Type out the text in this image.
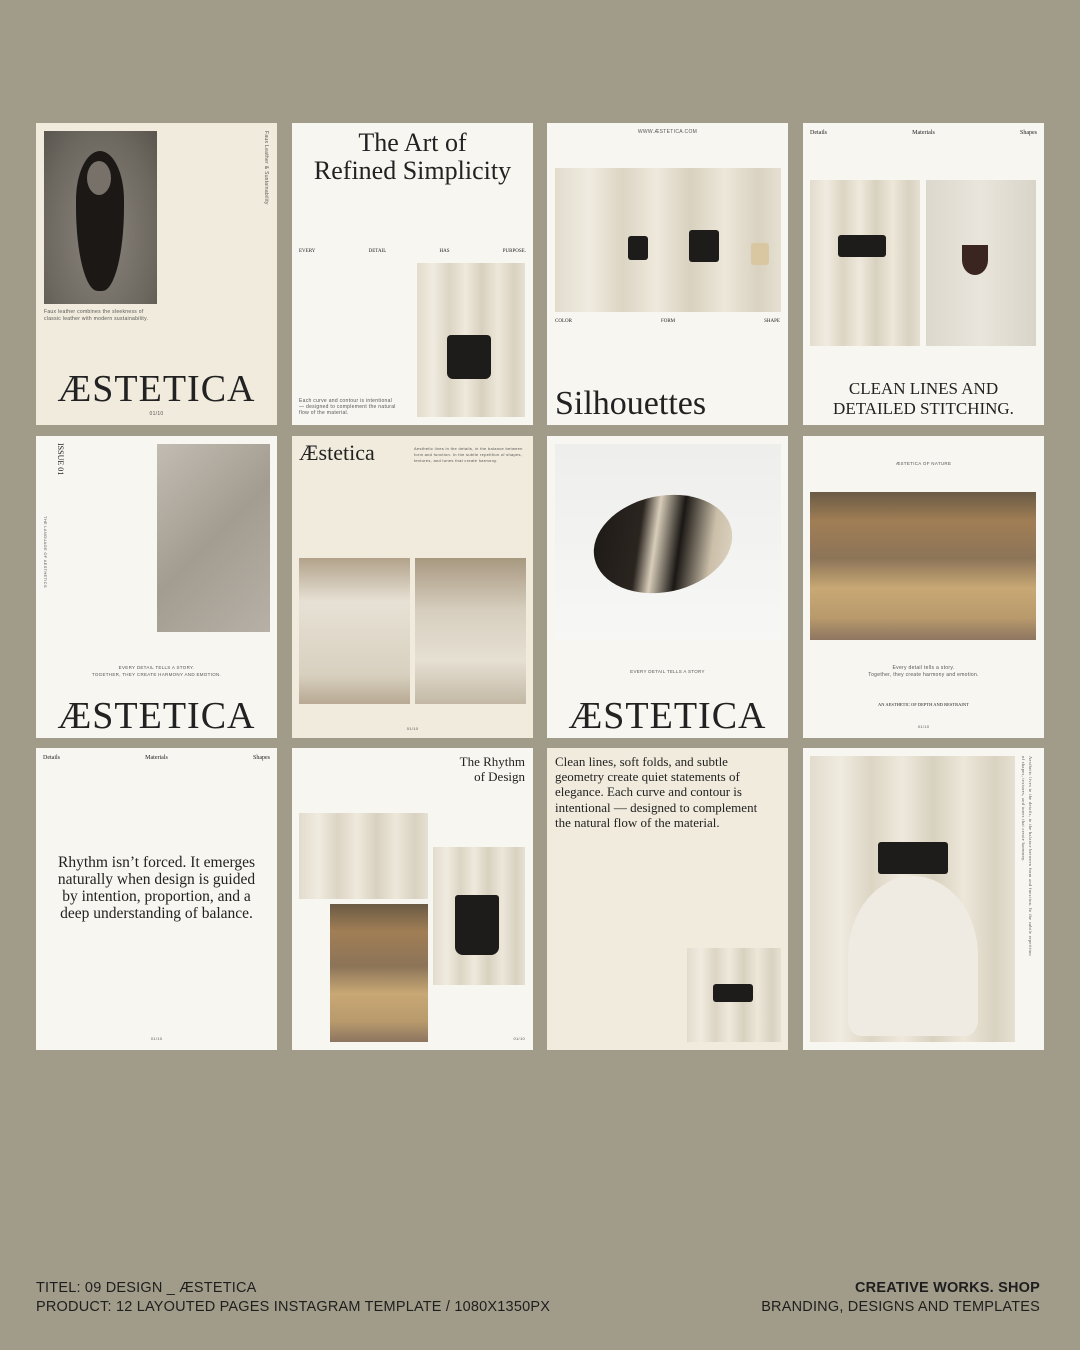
Faux Leather & Sustainability
Faux leather combines the sleekness of classic leather with modern sustainability.
ÆSTETICA
01/10
The Art of
Refined Simplicity
EVERY	DETAIL	HAS	PURPOSE.
Each curve and contour is intentional — designed to complement the natural flow of the material.
WWW.ÆSTETICA.COM
COLOR	FORM	SHAPE
Silhouettes
Details	Materials	Shapes
CLEAN LINES AND DETAILED STITCHING.
ISSUE 01
THE LANGUAGE OF AESTHETICS
EVERY DETAIL TELLS A STORY.
TOGETHER, THEY CREATE HARMONY AND EMOTION.
ÆSTETICA
Æstetica	Aesthetic lives in the details, in the balance between form and function. In the subtle repetition of shapes, textures, and tones that create harmony.
01/10
EVERY DETAIL TELLS A STORY
ÆSTETICA
ÆSTETICA OF NATURE
Every detail tells a story.
Together, they create harmony and emotion.
AN AESTHETIC OF DEPTH AND RESTRAINT
01/10
Details	Materials	Shapes
Rhythm isn’t forced. It emerges naturally when design is guided by intention, proportion, and a deep understanding of balance.
01/10
The Rhythm
of Design
01/10
Clean lines, soft folds, and subtle geometry create quiet statements of elegance. Each curve and contour is intentional — designed to complement the natural flow of the material.	Aesthetic lives in the details, in the balance between form and function. In the subtle repetition of shapes, textures, and tones that create harmony.
TITEL: 09 DESIGN _ ÆSTETICA
PRODUCT: 12 LAYOUTED PAGES INSTAGRAM TEMPLATE / 1080X1350PX
CREATIVE WORKS. SHOP
BRANDING, DESIGNS AND TEMPLATES
